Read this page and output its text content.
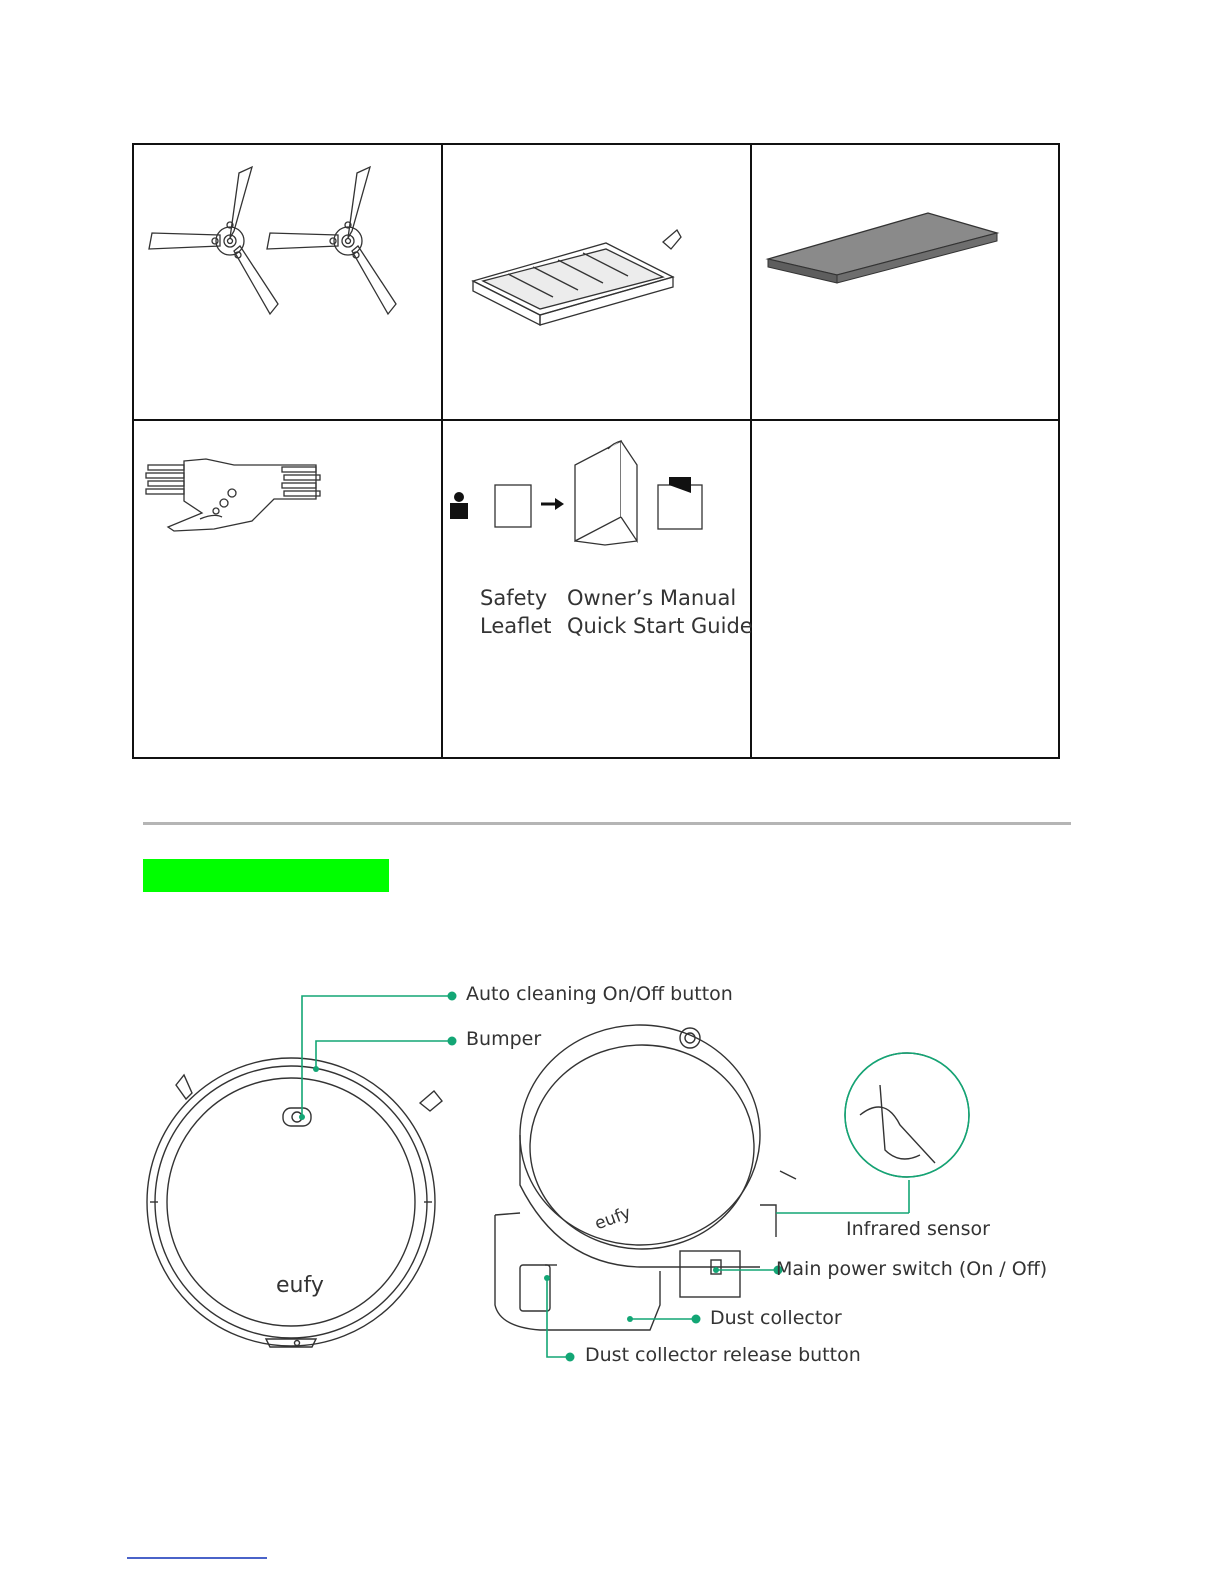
Safety
Leaflet
Owner’s Manual
Quick Start Guide
eufy
eufy
Auto cleaning On/Off button
Bumper
Infrared sensor
Main power switch (On / Off)
Dust collector
Dust collector release button
